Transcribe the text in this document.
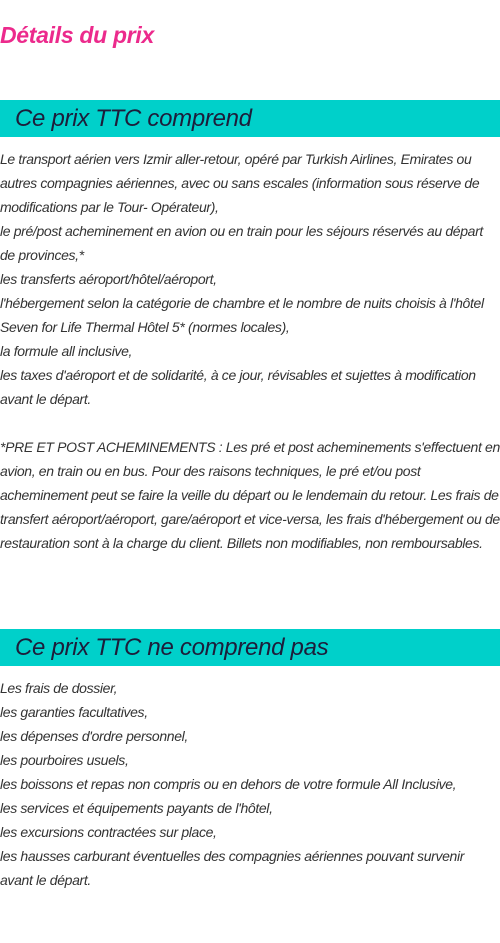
Détails du prix
Ce prix TTC comprend

Le transport aérien vers Izmir aller-retour, opéré par Turkish Airlines, Emirates ou autres compagnies aériennes, avec ou sans escales (information sous réserve de modifications par le Tour- Opérateur),

le pré/post acheminement en avion ou en train pour les séjours réservés au départ de provinces,*

les transferts aéroport/hôtel/aéroport,

l'hébergement selon la catégorie de chambre et le nombre de nuits choisis à l'hôtel Seven for Life Thermal Hôtel 5* (normes locales),

la formule all inclusive,

les taxes d'aéroport et de solidarité, à ce jour, révisables et sujettes à modification avant le départ.

*PRE ET POST ACHEMINEMENTS : Les pré et post acheminements s'effectuent en avion, en train ou en bus. Pour des raisons techniques, le pré et/ou post acheminement peut se faire la veille du départ ou le lendemain du retour. Les frais de transfert aéroport/aéroport, gare/aéroport et vice-versa, les frais d'hébergement ou de restauration sont à la charge du client. Billets non modifiables, non remboursables.

Ce prix TTC ne comprend pas

Les frais de dossier,

les garanties facultatives,

les dépenses d'ordre personnel,

les pourboires usuels,

les boissons et repas non compris ou en dehors de votre formule All Inclusive,

les services et équipements payants de l'hôtel,

les excursions contractées sur place,

les hausses carburant éventuelles des compagnies aériennes pouvant survenir avant le départ.
